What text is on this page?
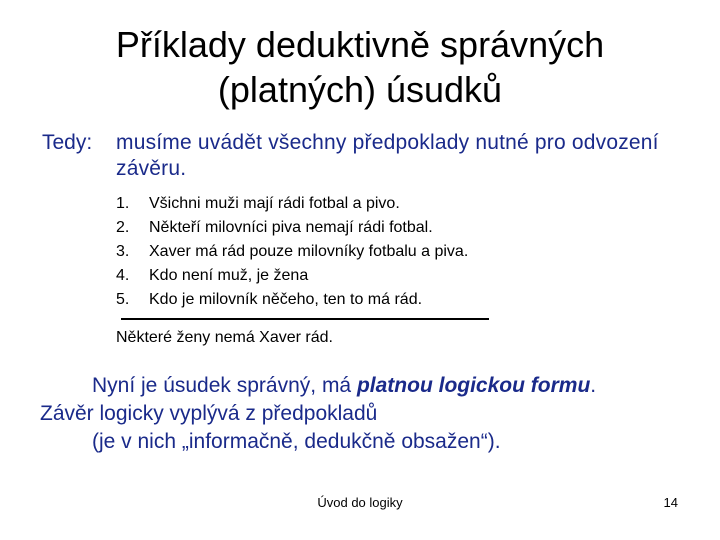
Příklady deduktivně správných
(platných) úsudků
Tedy: musíme uvádět všechny předpoklady nutné pro odvození závěru.
1. Všichni muži mají rádi fotbal a pivo.
2. Někteří milovníci piva nemají rádi fotbal.
3. Xaver má rád pouze milovníky fotbalu a piva.
4. Kdo není muž, je žena
5. Kdo je milovník něčeho, ten to má rád.
Některé ženy nemá Xaver rád.
Nyní je úsudek správný, má platnou logickou formu.
Závěr logicky vyplývá z předpokladů
(je v nich „informačně, dedukčně obsažen“).
Úvod do logiky	14
